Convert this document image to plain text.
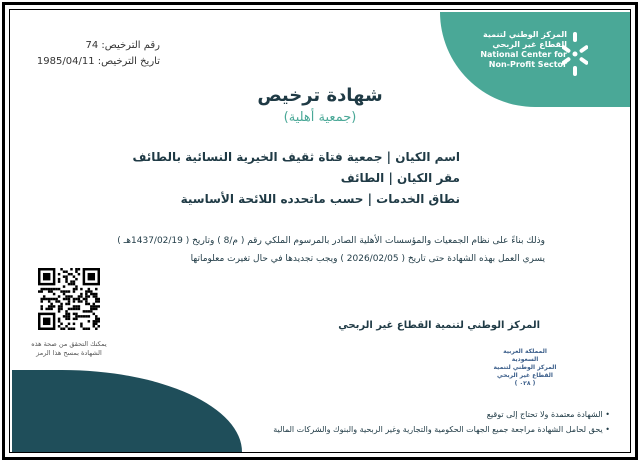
المركز الوطني لتنمية
القطاع غير الربحي
National Center for
Non-Profit Sector
رقم الترخيص: 74
تاريخ الترخيص: 1985/04/11
شهادة ترخيص
(جمعية أهلية)
اسم الكيان | جمعية فتاة ثقيف الخيرية النسائية بالطائف
مقر الكيان | الطائف
نطاق الخدمات | حسب ماتحدده اللائحة الأساسية
وذلك بناءً على نظام الجمعيات والمؤسسات الأهلية الصادر بالمرسوم الملكي رقم ( م/8 ) وتاريخ ( 1437/02/19هـ )
يسري العمل بهذه الشهادة حتى تاريخ ( 2026/02/05 ) ويجب تجديدها في حال تغيرت معلوماتها
يمكنك التحقق من صحة هذه
الشهادة بمسح هذا الرمز
المركز الوطني لتنمية القطاع غير الربحي
المملكة العربية السعودية
المركز الوطني لتنمية
القطاع غير الربحي
( ٠٢٨ )
• الشهادة معتمدة ولا تحتاج إلى توقيع
• يحق لحامل الشهادة مراجعة جميع الجهات الحكومية والتجارية وغير الربحية والبنوك والشركات المالية
